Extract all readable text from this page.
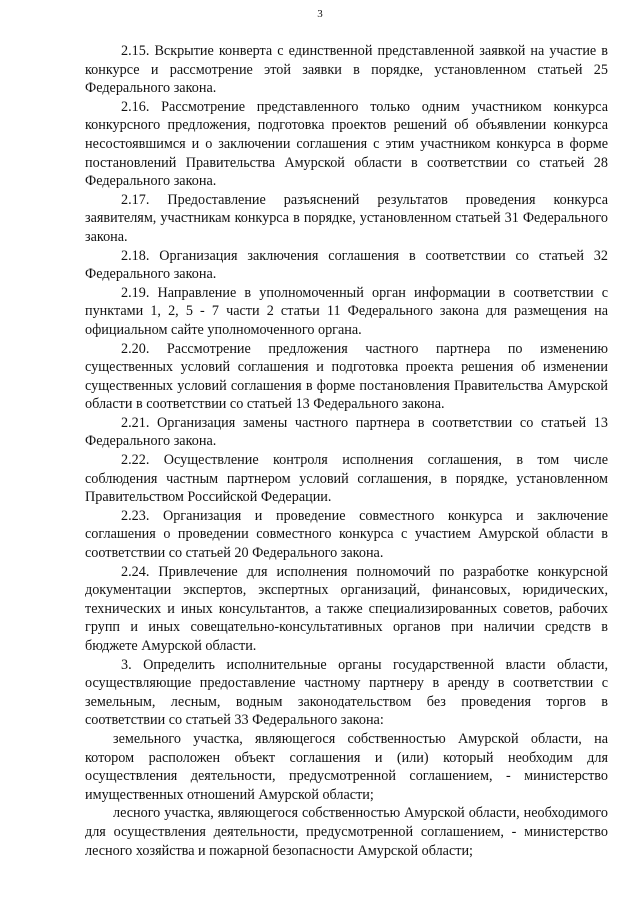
3

2.15. Вскрытие конверта с единственной представленной заявкой на участие в конкурсе и рассмотрение этой заявки в порядке, установленном статьей 25 Федерального закона.

2.16. Рассмотрение представленного только одним участником конкурса конкурсного предложения, подготовка проектов решений об объявлении конкурса несостоявшимся и о заключении соглашения с этим участником конкурса в форме постановлений Правительства Амурской области в соответствии со статьей 28 Федерального закона.

2.17. Предоставление разъяснений результатов проведения конкурса заявителям, участникам конкурса в порядке, установленном статьей 31 Федерального закона.

2.18. Организация заключения соглашения в соответствии со статьей 32 Федерального закона.

2.19. Направление в уполномоченный орган информации в соответствии с пунктами 1, 2, 5 - 7 части 2 статьи 11 Федерального закона для размещения на официальном сайте уполномоченного органа.

2.20. Рассмотрение предложения частного партнера по изменению существенных условий соглашения и подготовка проекта решения об изменении существенных условий соглашения в форме постановления Правительства Амурской области в соответствии со статьей 13 Федерального закона.

2.21. Организация замены частного партнера в соответствии со статьей 13 Федерального закона.

2.22. Осуществление контроля исполнения соглашения, в том числе соблюдения частным партнером условий соглашения, в порядке, установленном Правительством Российской Федерации.

2.23. Организация и проведение совместного конкурса и заключение соглашения о проведении совместного конкурса с участием Амурской области в соответствии со статьей 20 Федерального закона.

2.24. Привлечение для исполнения полномочий по разработке конкурсной документации экспертов, экспертных организаций, финансовых, юридических, технических и иных консультантов, а также специализированных советов, рабочих групп и иных совещательно-консультативных органов при наличии средств в бюджете Амурской области.

3. Определить исполнительные органы государственной власти области, осуществляющие предоставление частному партнеру в аренду в соответствии с земельным, лесным, водным законодательством без проведения торгов в соответствии со статьей 33 Федерального закона:

земельного участка, являющегося собственностью Амурской области, на котором расположен объект соглашения и (или) который необходим для осуществления деятельности, предусмотренной соглашением, - министерство имущественных отношений Амурской области;

лесного участка, являющегося собственностью Амурской области, необходимого для осуществления деятельности, предусмотренной соглашением, - министерство лесного хозяйства и пожарной безопасности Амурской области;
